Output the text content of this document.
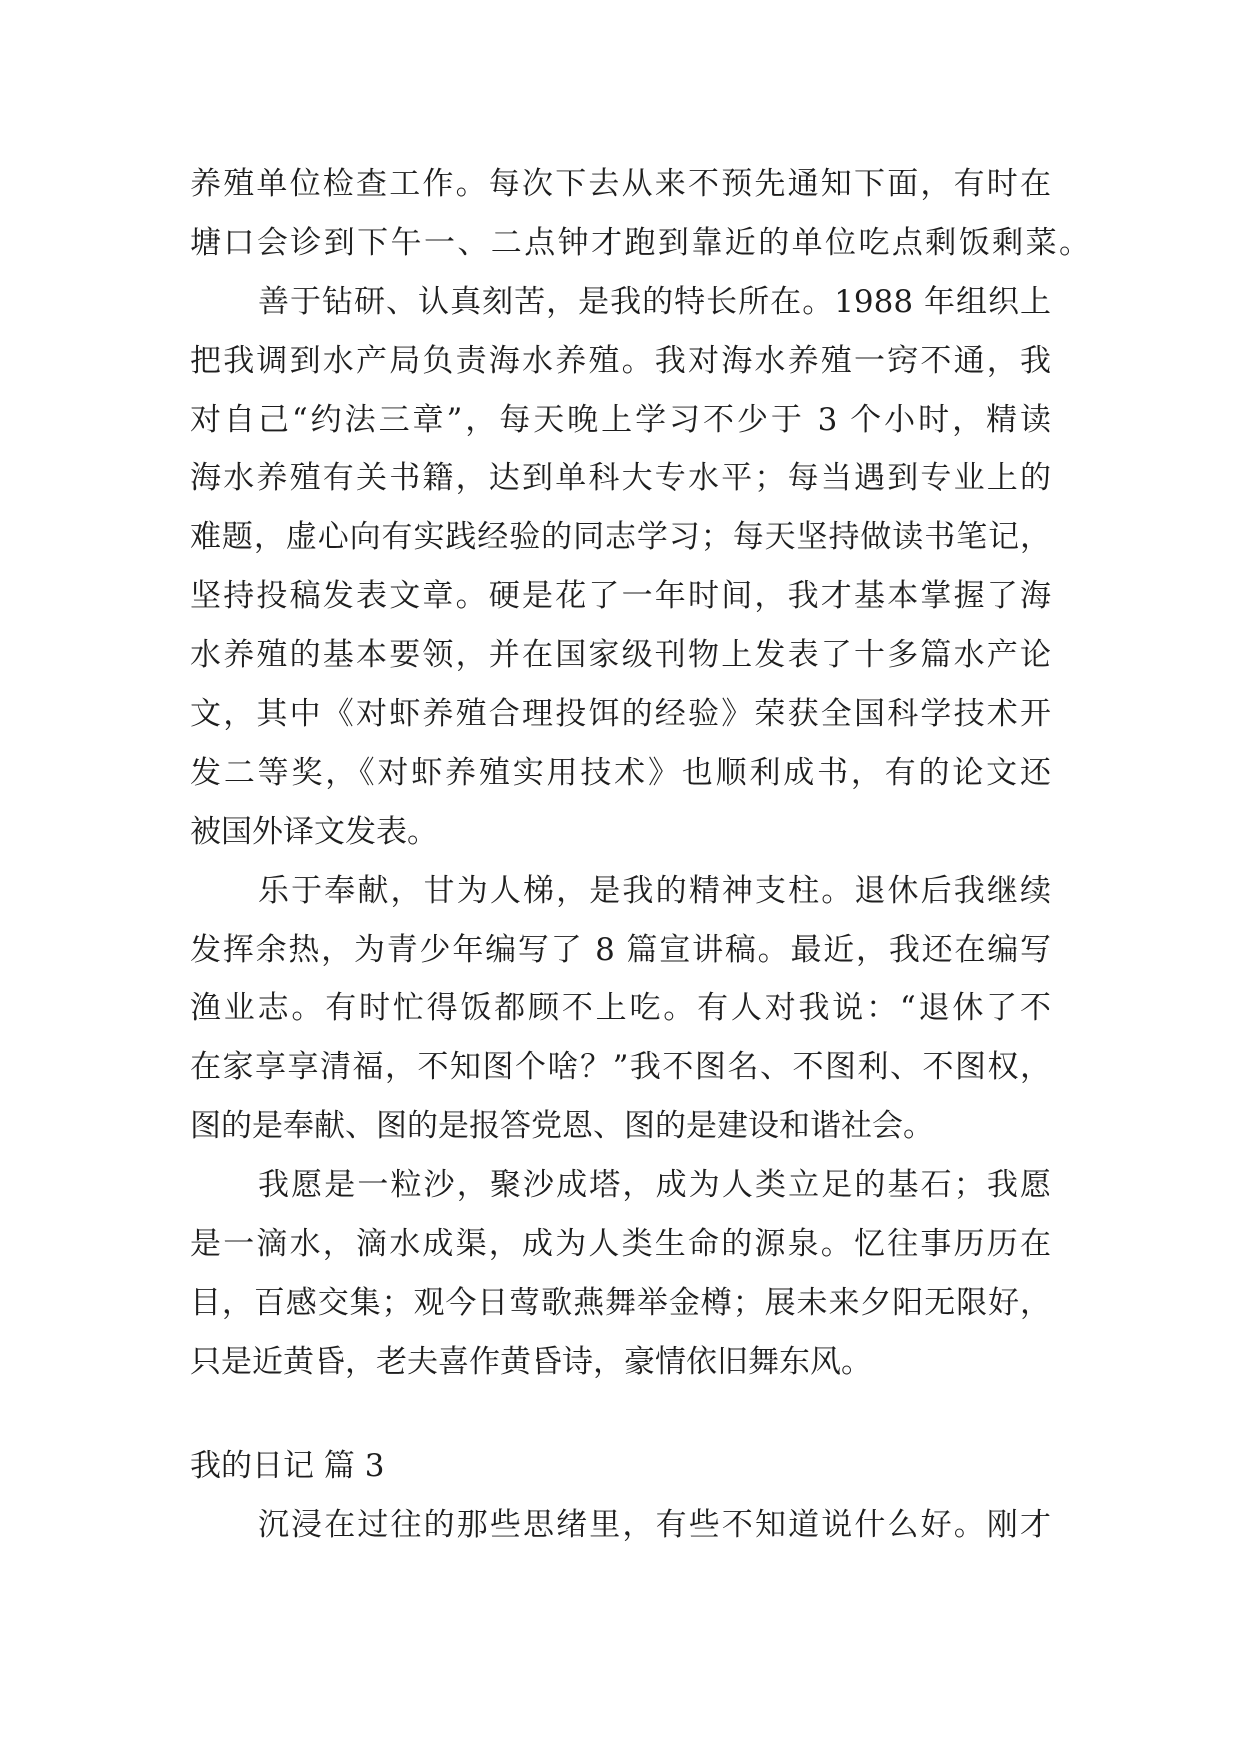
养殖单位检查工作。每次下去从来不预先通知下面，有时在
塘口会诊到下午一、二点钟才跑到靠近的单位吃点剩饭剩菜。
善于钻研、认真刻苦，是我的特长所在。1988 年组织上
把我调到水产局负责海水养殖。我对海水养殖一窍不通，我
对自己“约法三章”，每天晚上学习不少于 3 个小时，精读
海水养殖有关书籍，达到单科大专水平；每当遇到专业上的
难题，虚心向有实践经验的同志学习；每天坚持做读书笔记，
坚持投稿发表文章。硬是花了一年时间，我才基本掌握了海
水养殖的基本要领，并在国家级刊物上发表了十多篇水产论
文，其中《对虾养殖合理投饵的经验》荣获全国科学技术开
发二等奖，《对虾养殖实用技术》也顺利成书，有的论文还
被国外译文发表。
乐于奉献，甘为人梯，是我的精神支柱。退休后我继续
发挥余热，为青少年编写了 8 篇宣讲稿。最近，我还在编写
渔业志。有时忙得饭都顾不上吃。有人对我说：“退休了不
在家享享清福，不知图个啥？”我不图名、不图利、不图权，
图的是奉献、图的是报答党恩、图的是建设和谐社会。
我愿是一粒沙，聚沙成塔，成为人类立足的基石；我愿
是一滴水，滴水成渠，成为人类生命的源泉。忆往事历历在
目，百感交集；观今日莺歌燕舞举金樽；展未来夕阳无限好，
只是近黄昏，老夫喜作黄昏诗，豪情依旧舞东风。
我的日记 篇 3
沉浸在过往的那些思绪里，有些不知道说什么好。刚才
